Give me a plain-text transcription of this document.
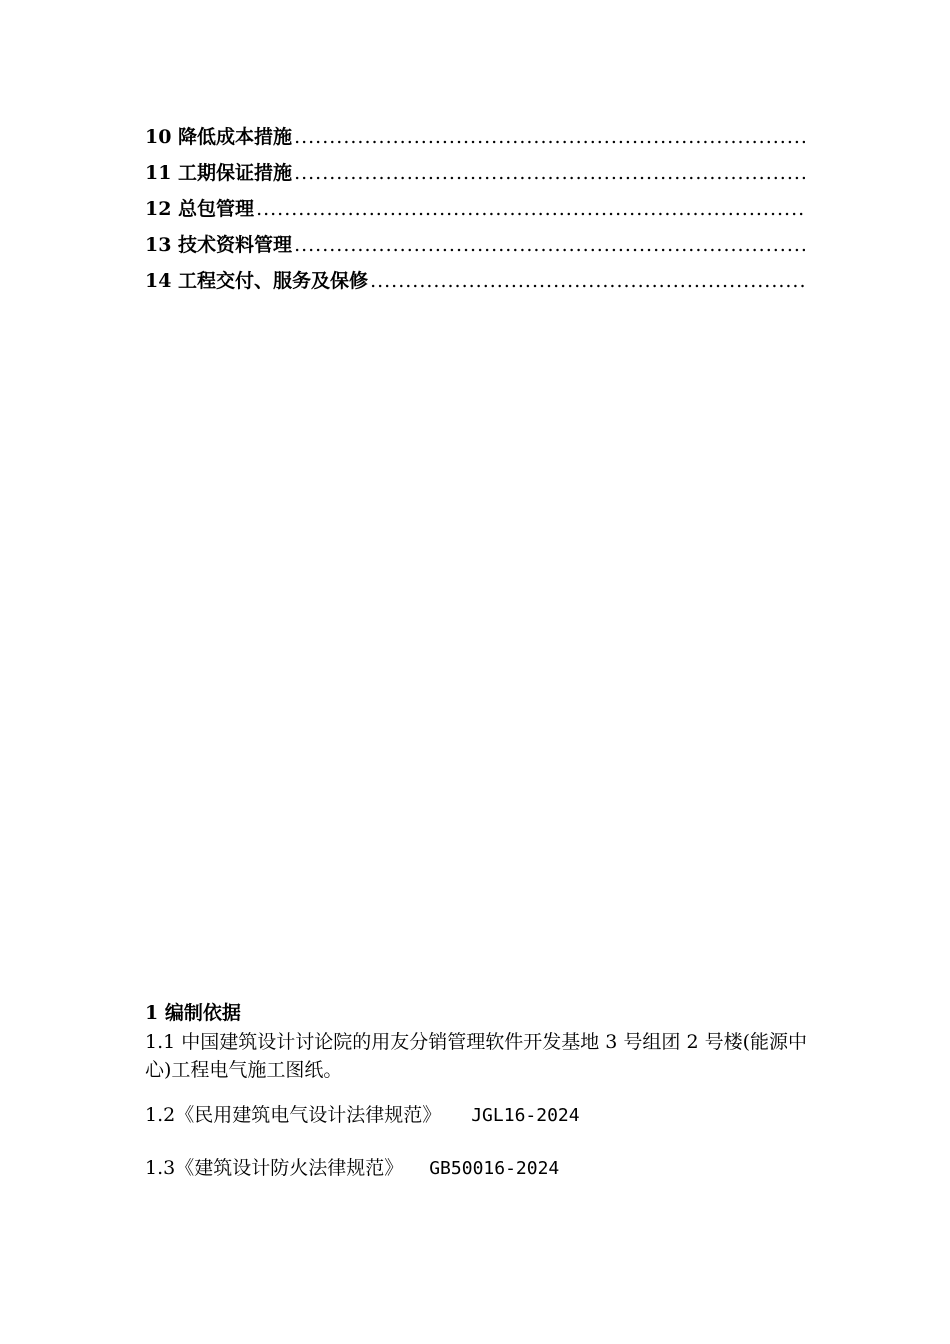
10 降低成本措施
.....
11 工期保证措施
.....
12 总包管理
.....
13 技术资料管理
.....
14 工程交付、服务及保修
.....
1 编制依据

1.1 中国建筑设计讨论院的用友分销管理软件开发基地 3 号组团 2 号楼(能源中心)工程电气施工图纸。

1.2《民用建筑电气设计法律规范》 JGL16-2024
1.3《建筑设计防火法律规范》 GB50016-2024
